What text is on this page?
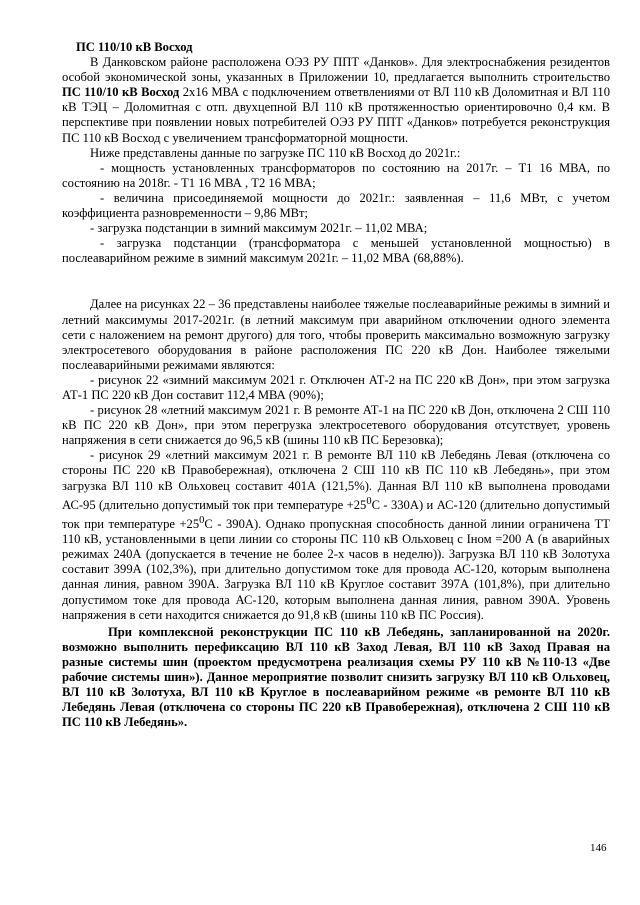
ПС 110/10 кВ Восход

В Данковском районе расположена ОЭЗ РУ ППТ «Данков». Для электроснабжения резидентов особой экономической зоны, указанных в Приложении 10, предлагается выполнить строительство ПС 110/10 кВ Восход 2х16 МВА с подключением ответвлениями от ВЛ 110 кВ Доломитная и ВЛ 110 кВ ТЭЦ – Доломитная с отп. двухцепной ВЛ 110 кВ протяженностью ориентировочно 0,4 км. В перспективе при появлении новых потребителей ОЭЗ РУ ППТ «Данков» потребуется реконструкция ПС 110 кВ Восход с увеличением трансформаторной мощности.

Ниже представлены данные по загрузке ПС 110 кВ Восход до 2021г.:

- мощность установленных трансформаторов по состоянию на 2017г. – Т1 16 МВА, по состоянию на 2018г. - Т1 16 МВА , Т2 16 МВА;

- величина присоединяемой мощности до 2021г.: заявленная – 11,6 МВт, с учетом коэффициента разновременности – 9,86 МВт;

- загрузка подстанции в зимний максимум 2021г. – 11,02 МВА;

- загрузка подстанции (трансформатора с меньшей установленной мощностью) в послеаварийном режиме в зимний максимум 2021г. – 11,02 МВА (68,88%).

Далее на рисунках 22 – 36 представлены наиболее тяжелые послеаварийные режимы в зимний и летний максимумы 2017-2021г. (в летний максимум при аварийном отключении одного элемента сети с наложением на ремонт другого) для того, чтобы проверить максимально возможную загрузку электросетевого оборудования в районе расположения ПС 220 кВ Дон. Наиболее тяжелыми послеаварийными режимами являются:

- рисунок 22 «зимний максимум 2021 г. Отключен АТ-2 на ПС 220 кВ Дон», при этом загрузка АТ-1 ПС 220 кВ Дон составит 112,4 МВА (90%);

- рисунок 28 «летний максимум 2021 г. В ремонте АТ-1 на ПС 220 кВ Дон, отключена 2 СШ 110 кВ ПС 220 кВ Дон», при этом перегрузка электросетевого оборудования отсутствует, уровень напряжения в сети снижается до 96,5 кВ (шины 110 кВ ПС Березовка);

- рисунок 29 «летний максимум 2021 г. В ремонте ВЛ 110 кВ Лебедянь Левая (отключена со стороны ПС 220 кВ Правобережная), отключена 2 СШ 110 кВ ПС 110 кВ Лебедянь», при этом загрузка ВЛ 110 кВ Ольховец составит 401А (121,5%). Данная ВЛ 110 кВ выполнена проводами АС-95 (длительно допустимый ток при температуре $+25^0С - 330А$) и АС-120 (длительно допустимый ток при температуре $+25^0С - 390А$). Однако пропускная способность данной линии ограничена ТТ 110 кВ, установленными в цепи линии со стороны ПС 110 кВ Ольховец с Iном =200 А (в аварийных режимах 240А (допускается в течение не более 2-х часов в неделю)). Загрузка ВЛ 110 кВ Золотуха составит 399А (102,3%), при длительно допустимом токе для провода АС-120, которым выполнена данная линия, равном 390А. Загрузка ВЛ 110 кВ Круглое составит 397А (101,8%), при длительно допустимом токе для провода АС-120, которым выполнена данная линия, равном 390А. Уровень напряжения в сети находится снижается до 91,8 кВ (шины 110 кВ ПС Россия).

При комплексной реконструкции ПС 110 кВ Лебедянь, запланированной на 2020г. возможно выполнить перефиксацию ВЛ 110 кВ Заход Левая, ВЛ 110 кВ Заход Правая на разные системы шин (проектом предусмотрена реализация схемы РУ 110 кВ №110-13 «Две рабочие системы шин»). Данное мероприятие позволит снизить загрузку ВЛ 110 кВ Ольховец, ВЛ 110 кВ Золотуха, ВЛ 110 кВ Круглое в послеаварийном режиме «в ремонте ВЛ 110 кВ Лебедянь Левая (отключена со стороны ПС 220 кВ Правобережная), отключена 2 СШ 110 кВ ПС 110 кВ Лебедянь».

146
